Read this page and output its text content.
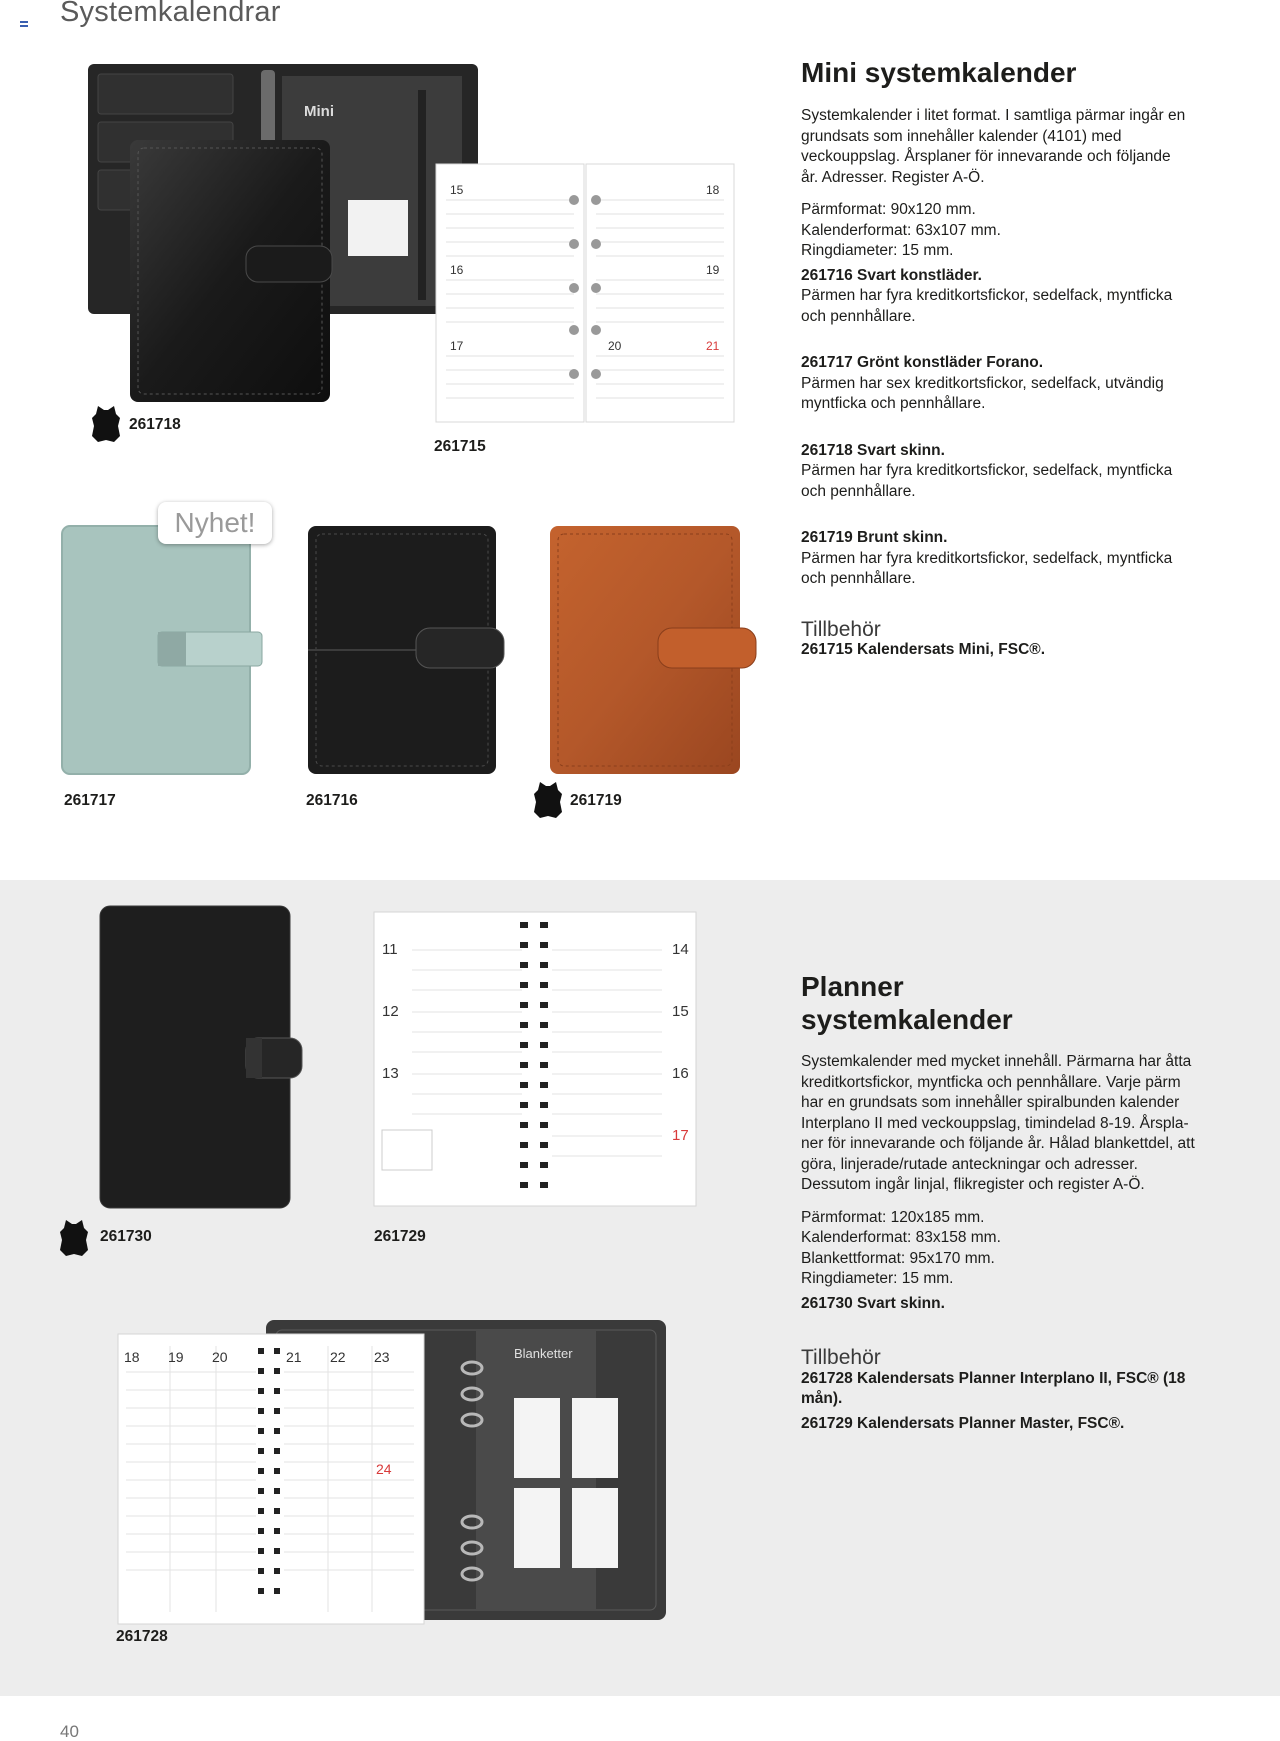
Systemkalendrar
Mini
261718
15
16
17
18
19
20	21
261715
Nyhet!
261717	261716	261719
Mini systemkalender

Systemkalender i litet format. I samtliga pärmar ingår en grundsats som innehåller kalender (4101) med veckouppslag. Årsplaner för innevarande och följande år. Adresser. Register A-Ö.

Pärmformat: 90x120 mm.

Kalenderformat: 63x107 mm.

Ringdiameter: 15 mm.

261716 Svart konstläder.

Pärmen har fyra kreditkortsfickor, sedelfack, myntficka och pennhållare.

261717 Grönt konstläder Forano.

Pärmen har sex kreditkortsfickor, sedelfack, utvändig myntficka och pennhållare.

261718 Svart skinn.

Pärmen har fyra kreditkortsfickor, sedelfack, myntficka och pennhållare.

261719 Brunt skinn.

Pärmen har fyra kreditkortsfickor, sedelfack, myntficka och pennhållare.

Tillbehör

261715 Kalendersats Mini, FSC®.

261730
11
12
13
14
15
16
17
261729
Blanketter
18 19 20	21 22 23
24
261728
Planner
systemkalender

Systemkalender med mycket innehåll. Pärmarna har åtta kreditkortsfickor, myntficka och pennhållare. Varje pärm har en grundsats som innehåller spiralbunden kalender Interplano II med veckouppslag, timindelad 8-19. Årspla-ner för innevarande och följande år. Hålad blankettdel, att göra, linjerade/rutade anteckningar och adresser. Dessutom ingår linjal, flikregister och register A-Ö.

Pärmformat: 120x185 mm.

Kalenderformat: 83x158 mm.

Blankettformat: 95x170 mm.

Ringdiameter: 15 mm.

261730 Svart skinn.

Tillbehör

261728 Kalendersats Planner Interplano II, FSC® (18 mån).

261729 Kalendersats Planner Master, FSC®.

40
